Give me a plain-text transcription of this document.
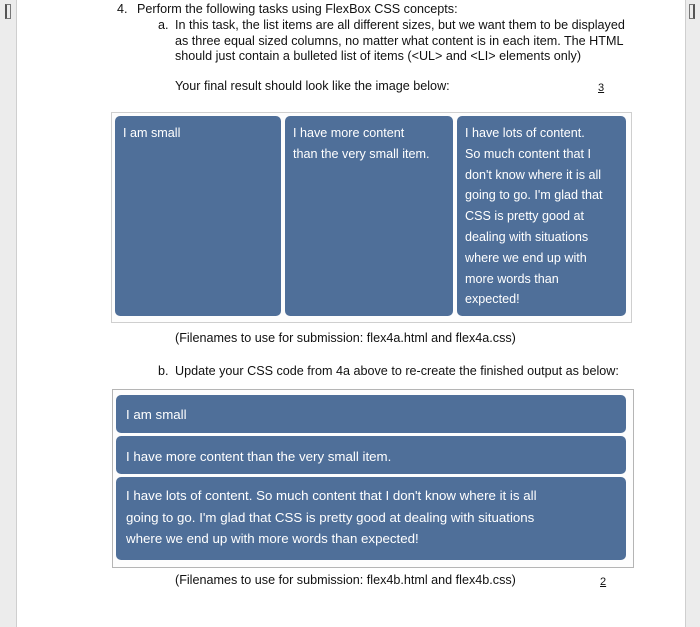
4. Perform the following tasks using FlexBox CSS concepts:
a. In this task, the list items are all different sizes, but we want them to be displayed
as three equal sized columns, no matter what content is in each item. The HTML
should just contain a bulleted list of items (<UL> and <LI> elements only)
Your final result should look like the image below:	3
I am small	I have more content
than the very small item.
I have lots of content.
So much content that I
don't know where it is all
going to go. I'm glad that
CSS is pretty good at
dealing with situations
where we end up with
more words than
expected!
(Filenames to use for submission: flex4a.html and flex4a.css)
b. Update your CSS code from 4a above to re-create the finished output as below:
I am small
I have more content than the very small item.
I have lots of content. So much content that I don't know where it is all
going to go. I'm glad that CSS is pretty good at dealing with situations
where we end up with more words than expected!
(Filenames to use for submission: flex4b.html and flex4b.css)	2
